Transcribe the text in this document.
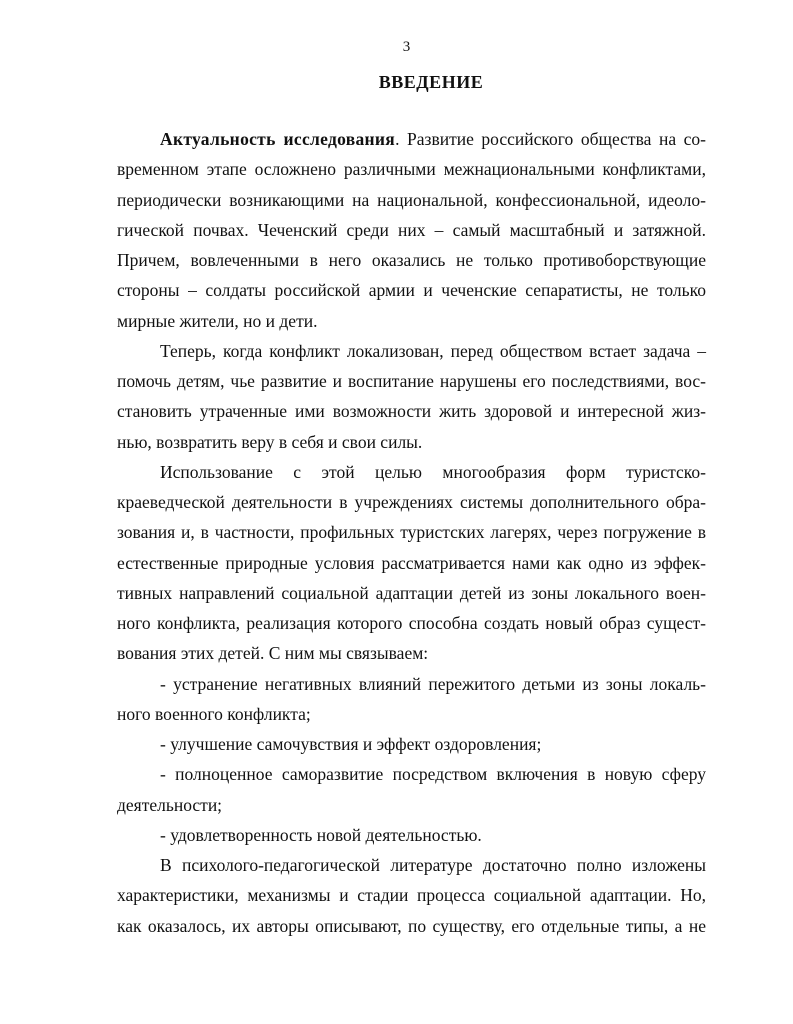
3
ВВЕДЕНИЕ
Актуальность исследования. Развитие российского общества на со-
временном этапе осложнено различными межнациональными конфликтами,
периодически возникающими на национальной, конфессиональной, идеоло-
гической почвах. Чеченский среди них – самый масштабный и затяжной.
Причем, вовлеченными в него оказались не только противоборствующие
стороны – солдаты российской армии и чеченские сепаратисты, не только
мирные жители, но и дети.
Теперь, когда конфликт локализован, перед обществом встает задача –
помочь детям, чье развитие и воспитание нарушены его последствиями, вос-
становить утраченные ими возможности жить здоровой и интересной жиз-
нью, возвратить веру в себя и свои силы.
Использование с этой целью многообразия форм туристско-
краеведческой деятельности в учреждениях системы дополнительного обра-
зования и, в частности, профильных туристских лагерях, через погружение в
естественные природные условия рассматривается нами как одно из эффек-
тивных направлений социальной адаптации детей из зоны локального воен-
ного конфликта, реализация которого способна создать новый образ сущест-
вования этих детей. С ним мы связываем:
- устранение негативных влияний пережитого детьми из зоны локаль-
ного военного конфликта;
- улучшение самочувствия и эффект оздоровления;
- полноценное саморазвитие посредством включения в новую сферу
деятельности;
- удовлетворенность новой деятельностью.
В психолого-педагогической литературе достаточно полно изложены
характеристики, механизмы и стадии процесса социальной адаптации. Но,
как оказалось, их авторы описывают, по существу, его отдельные типы, а не
